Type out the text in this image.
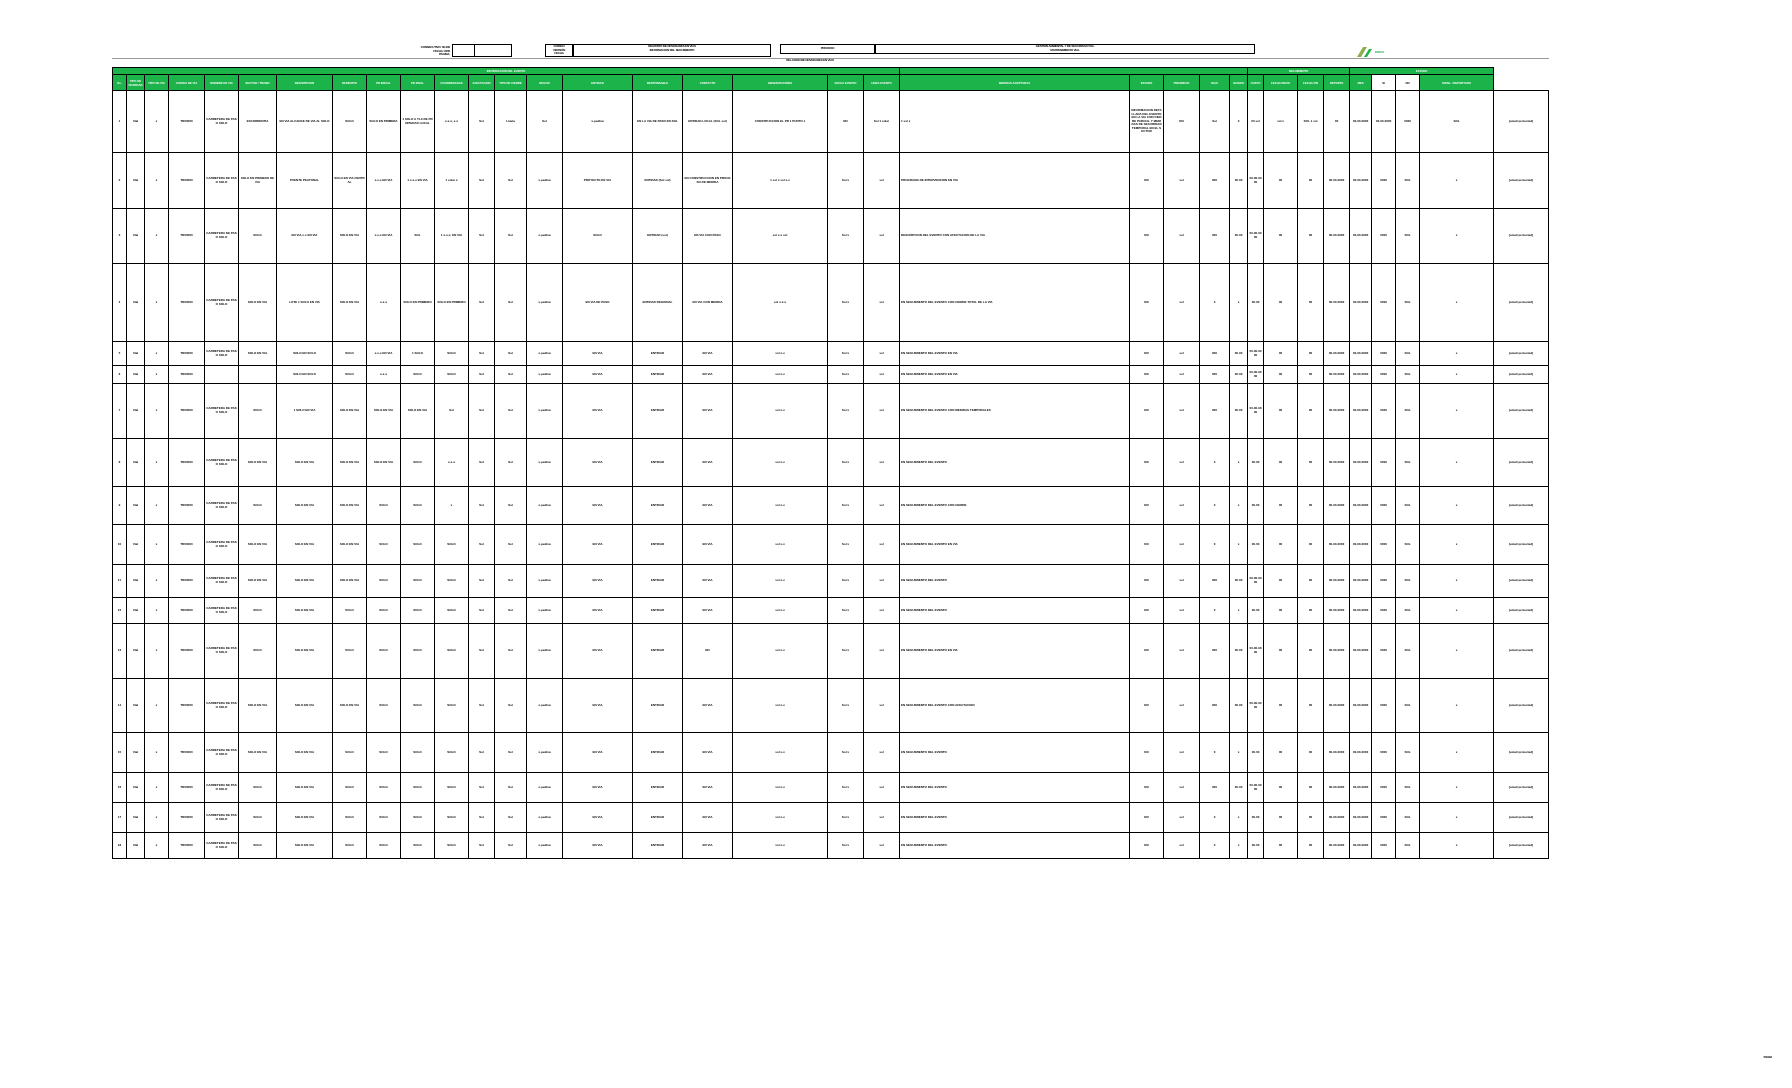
CONSECUTIVO: 00-000
FECHA: 0000
PAGINA:
CÓDIGO
VERSIÓN
FECHA
REGISTRO DE NOVEDADES EN VIAS
INFORMACION DEL SEGUIMIENTO	PROCESO	GESTION AMBIENTAL Y DE SEGURIDAD VIAL
MANTENIMIENTO VIAL
RELACION DE NOVEDADES EN VIAS
INVIAS
INFORMACION DEL EVENTO																									SEGUIMIENTO				ESTADO				
No.	TIPO DE NOVEDAD	TIPO DE VIA	CODIGO DE VIA	NOMBRE DE VIA	SECTOR / TRAMO	DESCRIPCION	MUNICIPIO	PR INICIAL	PR FINAL	COORDENADAS	AFECTACION	TIPO DE CIERRE	DESVIO	ENTIDAD	RESPONSABLE	CONTACTO	OBSERVACIONES	FECHA EVENTO	HORA EVENTO	MEDIDAS ADOPTADAS	ESTADO	PRIORIDAD	DIAS	AVANCE	COSTO	FECHA INICIO	FECHA FIN	REPORTE	MES	SI	NO	EMAIL / REPORTADO	
1	Vial	x	TR00000	CARRETERA DE PASO SOLO	ESCORRENTIA	EN VIA ALCANCE DE VIA AL SOLO	SOLO	SOLO EN PRIMERA	1 SOLO A TLA DE PROPIEDAD LOCAL	x-x-x, x-x	Sol	Lluvia	Sol	x-pedina	EN LA VIA DE PASO EN SOL	ENTIDAD LOCAL (SOL sol)	CONSTRUCCION EL PR 1 PUNTO 1	NO	Sol 1 solar	1 sol x	INFORMACION DETALLADA DEL EVENTO EN LA VIA CON CIERRE PARCIAL Y MEDIDAS DE SEGURIDAD TEMPORAL EN EL SECTOR	NO	Sol	0	00 sol	sol x	SOL 1 sol	00	00-00-0000	00-00-0000	0000	SOL	[email protected]
2	Vial	x	TR00000	CARRETERA DE PASO SOLO	SOLO EN PRIMERO DE VIA	PUENTE PEATONAL	SOLO EN VIA CENTRAL	x-x-x EN VIA	1 x-x-x EN VIA	1 solar x	Sol	Sol	x-pedina	PROYECTO DE VIA	ENTIDAD (Sol sol)	EN CONSTRUCCION EN PROCESO DE MEDIDA	1 sol x sol x-x	Sol x	sol	PROGRAMA DE INTERVENCION EN VIA	NO	sol	000	00-00	00-00-0000	00	00	00-00-0000	00-00-0000	0000	SOL	x	[email protected]
3	Vial	x	TR00000	CARRETERA DE PASO SOLO	SOLO	EN VIA x-x EN VIA	SOLO EN VIA	x-x-x EN VIA	SOL	1 x-x-x, EN VIA	Sol	Sol	x-pedina	SOLO	ENTIDAD (sol)	EN VIA CON PASO	sol x-x sol	Sol x	sol	DESCRIPCION DEL EVENTO CON AFECTACION DE LA VIA	NO	sol	000	00-00	00-00-0000	00	00	00-00-0000	00-00-0000	0000	SOL	x	[email protected]
4	Vial	x	TR00000	CARRETERA DE PASO SOLO	SOLO EN VIA	LOTE 1 SOLO EN VIA	SOLO EN VIA	x-x-x	SOLO EN PRIMERO	SOLO EN PRIMERO	Sol	Sol	x-pedina	EN VIA DE PASO	ENTIDAD REGIONAL	EN VIA CON MEDIDA	sol x-x-x	Sol x	sol	EN SEGUIMIENTO DEL EVENTO CON CIERRE TOTAL DE LA VIA	NO	sol	0	x	00-00	00	00	00-00-0000	00-00-0000	0000	SOL	x	[email protected]
5	Vial	x	TR00000	CARRETERA DE PASO SOLO	SOLO EN VIA	SOLO EN SOLO	SOLO	x-x-x EN VIA	1 SOLO	SOLO	Sol	Sol	x-pedina	EN VIA	ENTIDAD	EN VIA	sol x-x	Sol x	sol	EN SEGUIMIENTO DEL EVENTO EN VIA	NO	sol	000	00-00	00-00-0000	00	00	00-00-0000	00-00-0000	0000	SOL	x	[email protected]
6	Vial	x	TR00000			SOLO EN SOLO	SOLO	x-x-x	SOLO	SOLO	Sol	Sol	x-pedina	EN VIA	ENTIDAD	EN VIA	sol x-x	Sol x	sol	EN SEGUIMIENTO DEL EVENTO EN VIA	NO	sol	000	00-00	00-00-0000	00	00	00-00-0000	00-00-0000	0000	SOL	x	[email protected]
7	Vial	x	TR00000	CARRETERA DE PASO SOLO	SOLO	1 SOLO EN VIA	SOLO EN VIA	SOLO EN VIA	SOLO EN VIA	Sol	Sol	Sol	x-pedina	EN VIA	ENTIDAD	EN VIA	sol x-x	Sol x	sol	EN SEGUIMIENTO DEL EVENTO CON MEDIDAS TEMPORALES	NO	sol	000	00-00	00-00-0000	00	00	00-00-0000	00-00-0000	0000	SOL	x	[email protected]
8	Vial	x	TR00000	CARRETERA DE PASO SOLO	SOLO EN VIA	SOLO EN VIA	SOLO EN VIA	SOLO EN VIA	SOLO	x-x-x	Sol	Sol	x-pedina	EN VIA	ENTIDAD	EN VIA	sol x-x	Sol x	sol	EN SEGUIMIENTO DEL EVENTO	NO	sol	0	x	00-00	00	00	00-00-0000	00-00-0000	0000	SOL	x	[email protected]
9	Vial	x	TR00000	CARRETERA DE PASO SOLO	SOLO	SOLO EN VIA	SOLO EN VIA	SOLO	SOLO	x	Sol	Sol	x-pedina	EN VIA	ENTIDAD	EN VIA	sol x-x	Sol x	sol	EN SEGUIMIENTO DEL EVENTO CON CIERRE	NO	sol	0	x	00-00	00	00	00-00-0000	00-00-0000	0000	SOL	x	[email protected]
10	Vial	x	TR00000	CARRETERA DE PASO SOLO	SOLO EN VIA	SOLO EN VIA	SOLO EN VIA	SOLO	SOLO	SOLO	Sol	Sol	x-pedina	EN VIA	ENTIDAD	EN VIA	sol x-x	Sol x	sol	EN SEGUIMIENTO DEL EVENTO EN VIA	NO	sol	0	x	00-00	00	00	00-00-0000	00-00-0000	0000	SOL	x	[email protected]
11	Vial	x	TR00000	CARRETERA DE PASO SOLO	SOLO EN VIA	SOLO EN VIA	SOLO EN VIA	SOLO	SOLO	SOLO	Sol	Sol	x-pedina	EN VIA	ENTIDAD	EN VIA	sol x-x	Sol x	sol	EN SEGUIMIENTO DEL EVENTO	NO	sol	000	00-00	00-00-0000	00	00	00-00-0000	00-00-0000	0000	SOL	x	[email protected]
12	Vial	x	TR00000	CARRETERA DE PASO SOLO	SOLO	SOLO EN VIA	SOLO	SOLO	SOLO	SOLO	Sol	Sol	x-pedina	EN VIA	ENTIDAD	EN VIA	sol x-x	Sol x	sol	EN SEGUIMIENTO DEL EVENTO	NO	sol	0	x	00-00	00	00	00-00-0000	00-00-0000	0000	SOL	x	[email protected]
13	Vial	x	TR00000	CARRETERA DE PASO SOLO	SOLO	SOLO EN VIA	SOLO	SOLO	SOLO	SOLO	Sol	Sol	x-pedina	EN VIA	ENTIDAD	NO	sol x-x	Sol x	sol	EN SEGUIMIENTO DEL EVENTO EN VIA	NO	sol	000	00-00	00-00-0000	00	00	00-00-0000	00-00-0000	0000	SOL	x	[email protected]
14	Vial	x	TR00000	CARRETERA DE PASO SOLO	SOLO EN VIA	SOLO EN VIA	SOLO EN VIA	SOLO	SOLO	SOLO	Sol	Sol	x-pedina	EN VIA	ENTIDAD	EN VIA	sol x-x	Sol x	sol	EN SEGUIMIENTO DEL EVENTO CON AFECTACION	NO	sol	000	00-00	00-00-0000	00	00	00-00-0000	00-00-0000	0000	SOL	x	[email protected]
15	Vial	x	TR00000	CARRETERA DE PASO SOLO	SOLO EN VIA	SOLO EN VIA	SOLO	SOLO	SOLO	SOLO	Sol	Sol	x-pedina	EN VIA	ENTIDAD	EN VIA	sol x-x	Sol x	sol	EN SEGUIMIENTO DEL EVENTO	NO	sol	0	x	00-00	00	00	00-00-0000	00-00-0000	0000	SOL	x	[email protected]
16	Vial	x	TR00000	CARRETERA DE PASO SOLO	SOLO	SOLO EN VIA	SOLO	SOLO	SOLO	SOLO	Sol	Sol	x-pedina	EN VIA	ENTIDAD	EN VIA	sol x-x	Sol x	sol	EN SEGUIMIENTO DEL EVENTO	NO	sol	000	00-00	00-00-0000	00	00	00-00-0000	00-00-0000	0000	SOL	x	[email protected]
17	Vial	x	TR00000	CARRETERA DE PASO SOLO	SOLO	SOLO EN VIA	SOLO	SOLO	SOLO	SOLO	Sol	Sol	x-pedina	EN VIA	ENTIDAD	EN VIA	sol x-x	Sol x	sol	EN SEGUIMIENTO DEL EVENTO	NO	sol	0	x	00-00	00	00	00-00-0000	00-00-0000	0000	SOL	x	[email protected]
18	Vial	x	TR00000	CARRETERA DE PASO SOLO	SOLO	SOLO EN VIA	SOLO	SOLO	SOLO	SOLO	Sol	Sol	x-pedina	EN VIA	ENTIDAD	EN VIA	sol x-x	Sol x	sol	EN SEGUIMIENTO DEL EVENTO	NO	sol	0	x	00-00	00	00	00-00-0000	00-00-0000	0000	SOL	x	[email protected]
PAGINA
